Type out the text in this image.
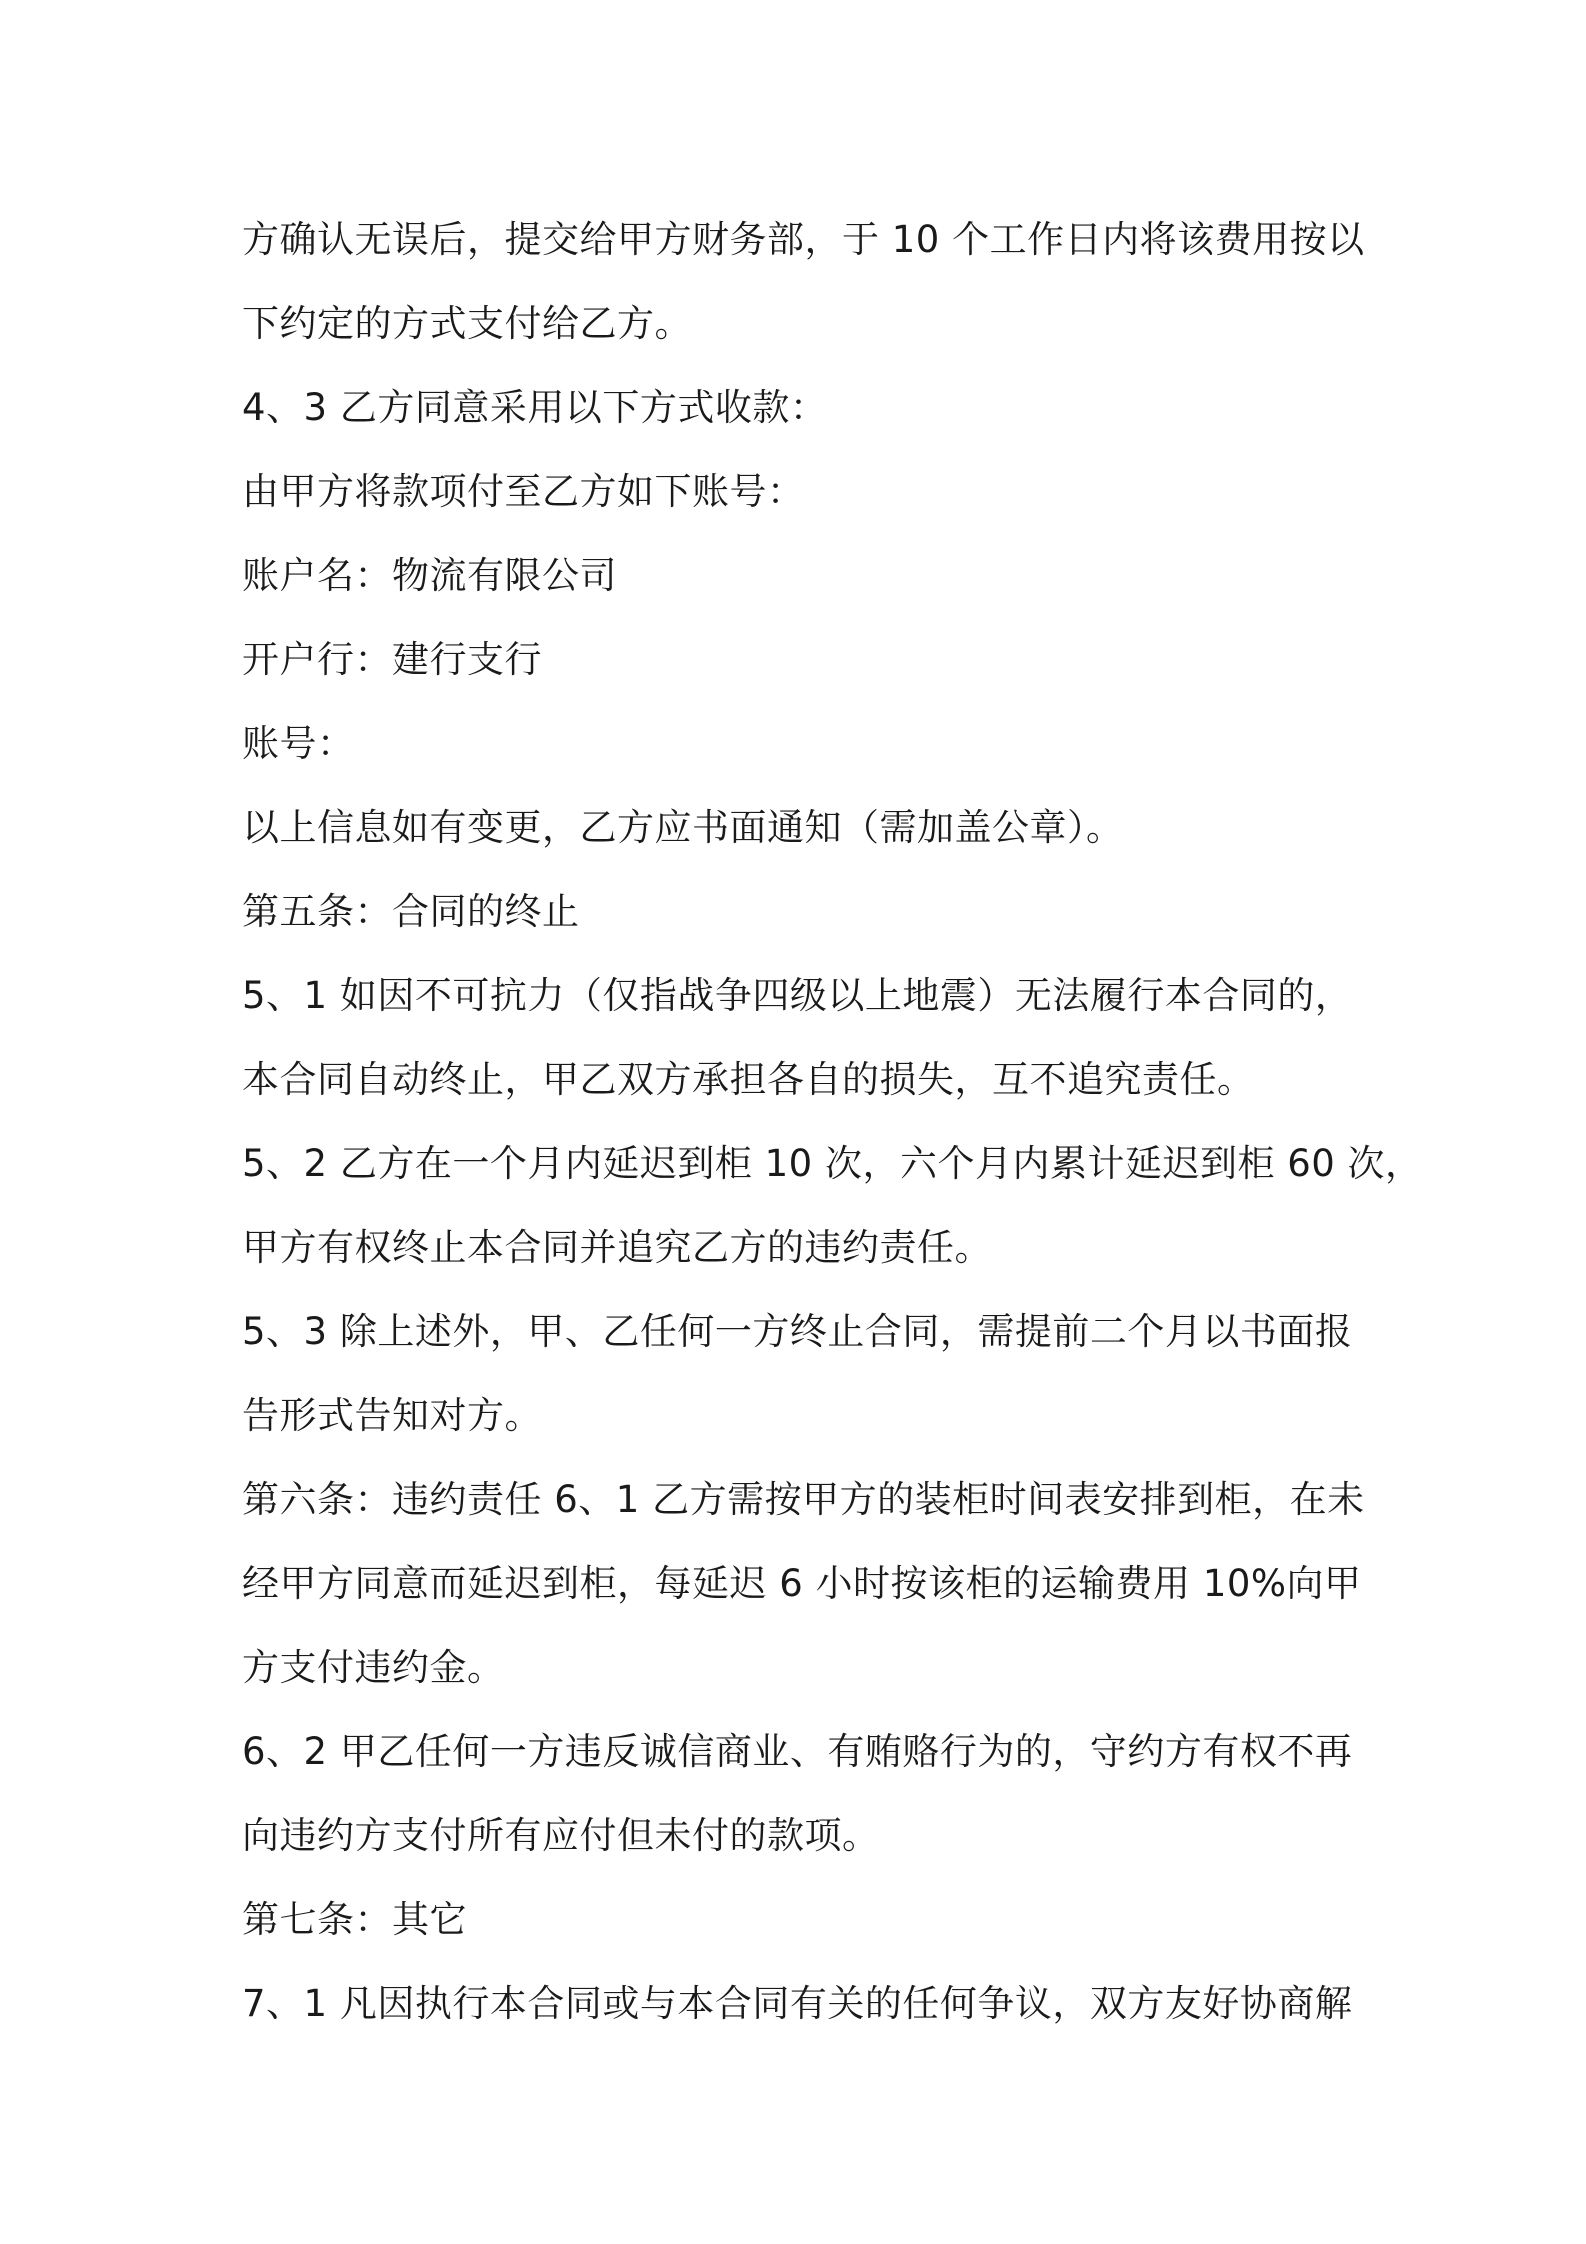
方确认无误后，提交给甲方财务部，于 10 个工作日内将该费用按以
下约定的方式支付给乙方。
4、3 乙方同意采用以下方式收款：
由甲方将款项付至乙方如下账号：
账户名：物流有限公司
开户行：建行支行
账号：
以上信息如有变更，乙方应书面通知（需加盖公章）。
第五条：合同的终止
5、1 如因不可抗力（仅指战争四级以上地震）无法履行本合同的，
本合同自动终止，甲乙双方承担各自的损失，互不追究责任。
5、2 乙方在一个月内延迟到柜 10 次，六个月内累计延迟到柜 60 次，
甲方有权终止本合同并追究乙方的违约责任。
5、3 除上述外，甲、乙任何一方终止合同，需提前二个月以书面报
告形式告知对方。
第六条：违约责任 6、1 乙方需按甲方的装柜时间表安排到柜，在未
经甲方同意而延迟到柜，每延迟 6 小时按该柜的运输费用 10%向甲
方支付违约金。
6、2 甲乙任何一方违反诚信商业、有贿赂行为的，守约方有权不再
向违约方支付所有应付但未付的款项。
第七条：其它
7、1 凡因执行本合同或与本合同有关的任何争议，双方友好协商解
